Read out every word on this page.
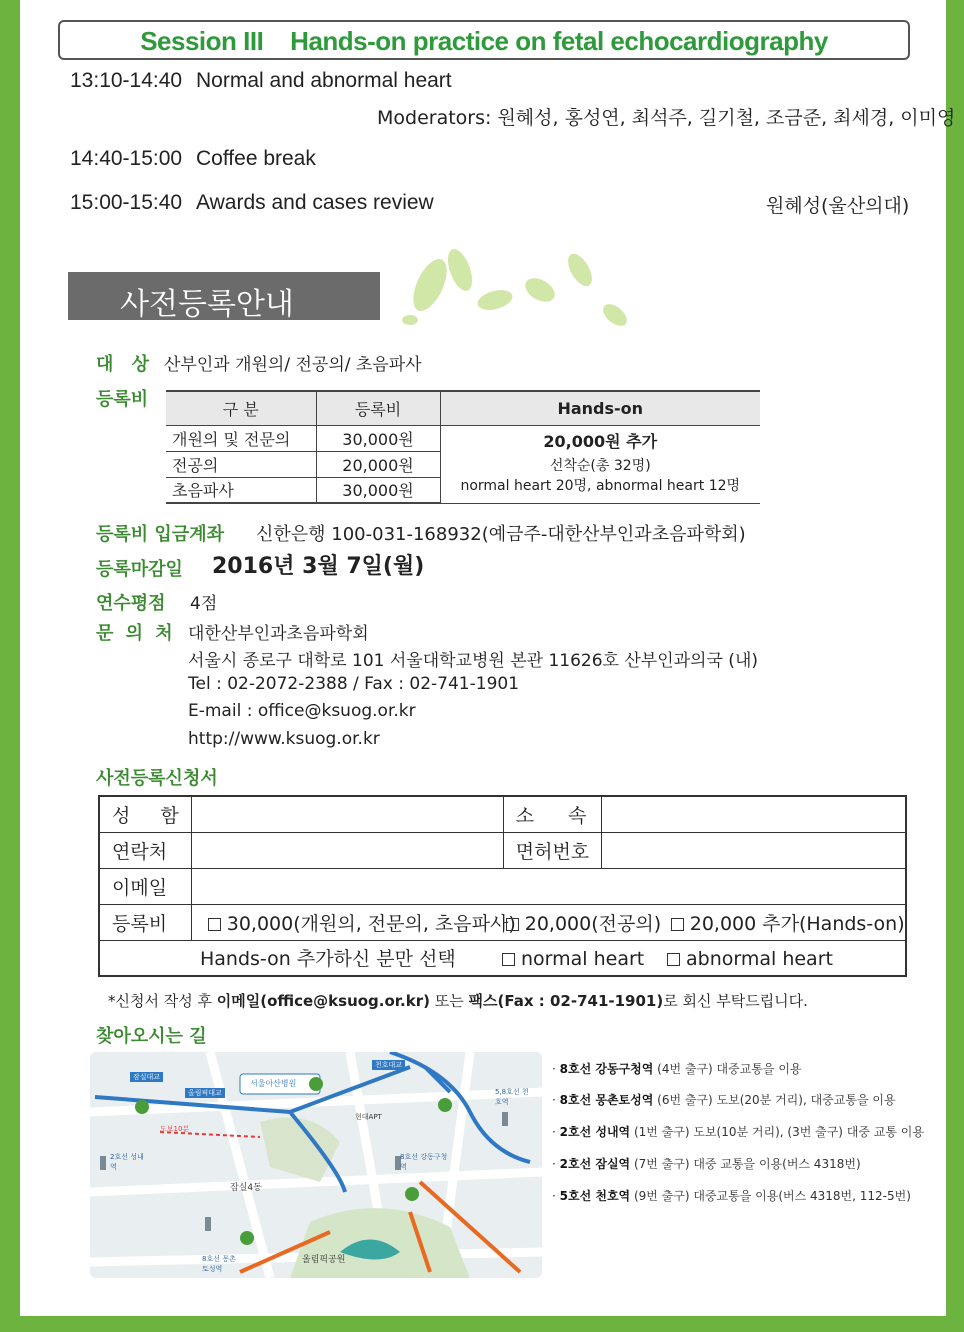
Session III    Hands-on practice on fetal echocardiography
13:10-14:40 Normal and abnormal heart
Moderators: 원혜성, 홍성연, 최석주, 길기철, 조금준, 최세경, 이미영
14:40-15:00 Coffee break
15:00-15:40 Awards and cases review	원혜성(울산의대)
사전등록안내
대 상 산부인과 개원의/ 전공의/ 초음파사
등록비	구 분	등록비	Hands-on
개원의 및 전문의	30,000원	20,000원 추가
선착순(총 32명)
normal heart 20명, abnormal heart 12명

전공의	20,000원	
초음파사	30,000원	
등록비 입금계좌 신한은행 100-031-168932(예금주-대한산부인과초음파학회)
등록마감일 2016년 3월 7일(월)
연수평점 4점
문 의 처 대한산부인과초음파학회
서울시 종로구 대학로 101 서울대학교병원 본관 11626호 산부인과의국 (내)
Tel : 02-2072-2388 / Fax : 02-741-1901
E-mail : office@ksuog.or.kr
http://www.ksuog.or.kr
사전등록신청서
성 함		소 속	
연락처		면허번호	
이메일			
등록비	30,000(개원의, 전문의, 초음파사) 20,000(전공의) 20,000 추가(Hands-on)		
Hands-on 추가하신 분만 선택 normal heart abnormal heart			
*신청서 작성 후 이메일(office@ksuog.or.kr) 또는 팩스(Fax : 02-741-1901)로 회신 부탁드립니다.
찾아오시는 길
서울아산병원
올림픽공원
잠실4동
2호선 성내역
8호선 강동구청역
5,8호선 천호역
8호선 몽촌토성역
올림픽대교
천호대교
잠실대교
현대APT
도보10분
· 8호선 강동구청역 (4번 출구) 대중교통을 이용
· 8호선 몽촌토성역 (6번 출구) 도보(20분 거리), 대중교통을 이용
· 2호선 성내역 (1번 출구) 도보(10분 거리), (3번 출구) 대중 교통 이용
· 2호선 잠실역 (7번 출구) 대중 교통을 이용(버스 4318번)
· 5호선 천호역 (9번 출구) 대중교통을 이용(버스 4318번, 112-5번)
